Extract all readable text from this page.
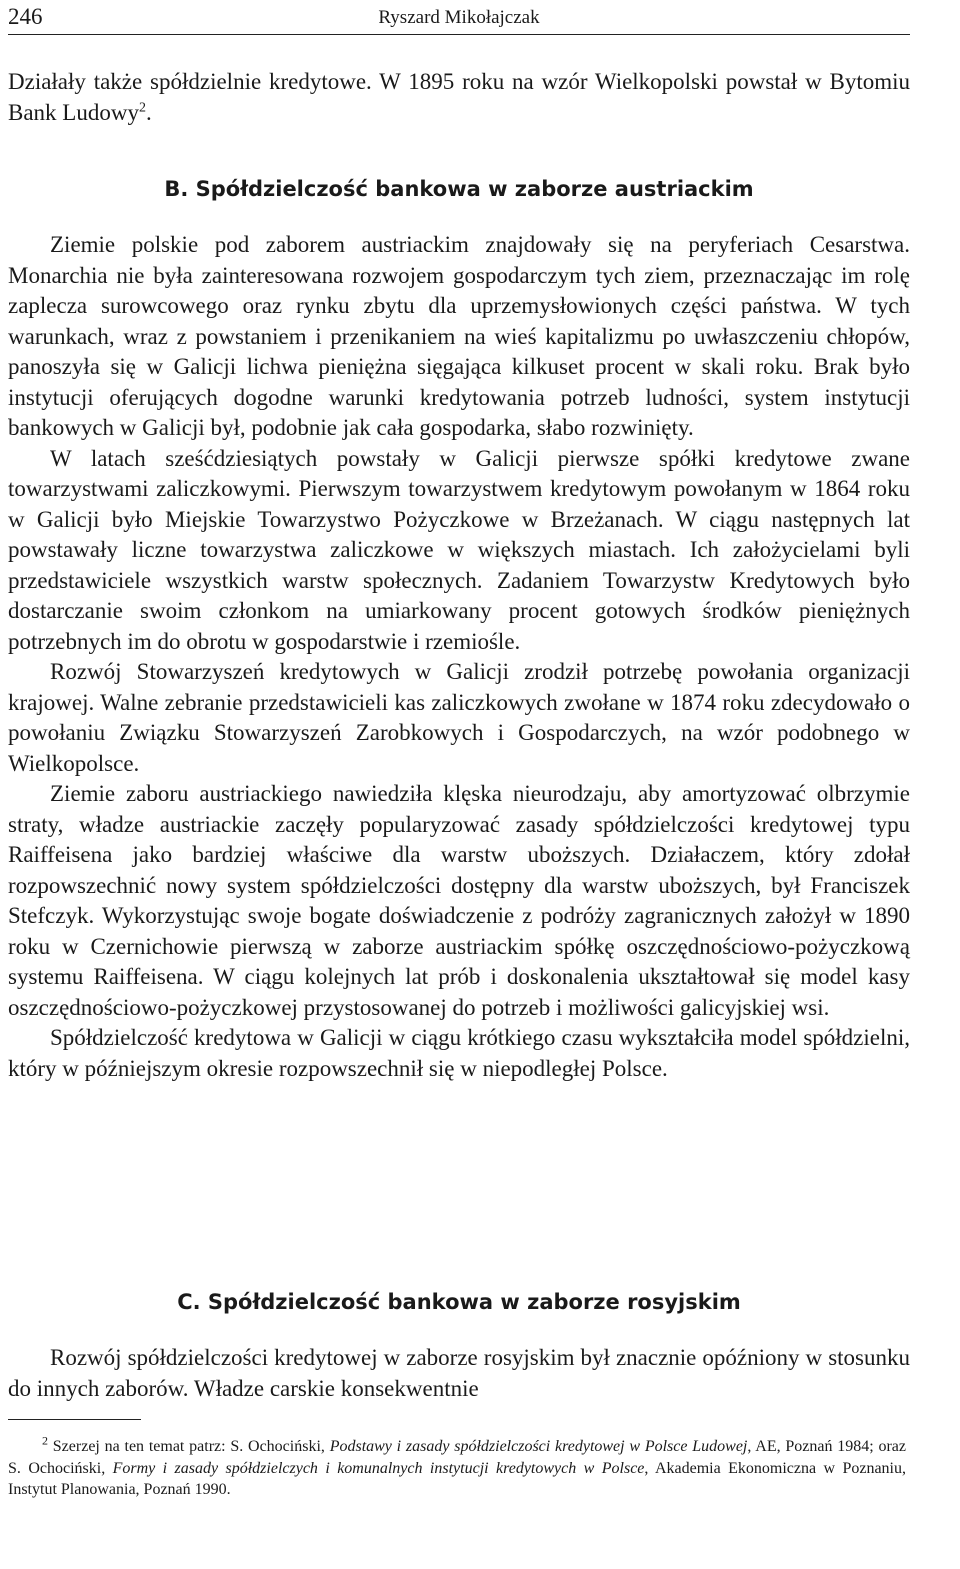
246	Ryszard Mikołajczak

Działały także spółdzielnie kredytowe. W 1895 roku na wzór Wielkopolski powstał w Bytomiu Bank Ludowy$^2$.

B. Spółdzielczość bankowa w zaborze austriackim

Ziemie polskie pod zaborem austriackim znajdowały się na peryferiach Cesarstwa. Monarchia nie była zainteresowana rozwojem gospodarczym tych ziem, przeznaczając im rolę zaplecza surowcowego oraz rynku zbytu dla uprzemysłowionych części państwa. W tych warunkach, wraz z powstaniem i przenikaniem na wieś kapitalizmu po uwłaszczeniu chłopów, panoszyła się w Galicji lichwa pieniężna sięgająca kilkuset procent w skali roku. Brak było instytucji oferujących dogodne warunki kredytowania potrzeb ludności, system instytucji bankowych w Galicji był, podobnie jak cała gospodarka, słabo rozwinięty.

W latach sześćdziesiątych powstały w Galicji pierwsze spółki kredytowe zwane towarzystwami zaliczkowymi. Pierwszym towarzystwem kredytowym powołanym w 1864 roku w Galicji było Miejskie Towarzystwo Pożyczkowe w Brzeżanach. W ciągu następnych lat powstawały liczne towarzystwa zaliczkowe w większych miastach. Ich założycielami byli przedstawiciele wszystkich warstw społecznych. Zadaniem Towarzystw Kredytowych było dostarczanie swoim członkom na umiarkowany procent gotowych środków pieniężnych potrzebnych im do obrotu w gospodarstwie i rzemiośle.

Rozwój Stowarzyszeń kredytowych w Galicji zrodził potrzebę powołania organizacji krajowej. Walne zebranie przedstawicieli kas zaliczkowych zwołane w 1874 roku zdecydowało o powołaniu Związku Stowarzyszeń Zarobkowych i Gospodarczych, na wzór podobnego w Wielkopolsce.

Ziemie zaboru austriackiego nawiedziła klęska nieurodzaju, aby amortyzować olbrzymie straty, władze austriackie zaczęły popularyzować zasady spółdzielczości kredytowej typu Raiffeisena jako bardziej właściwe dla warstw uboższych. Działaczem, który zdołał rozpowszechnić nowy system spółdzielczości dostępny dla warstw uboższych, był Franciszek Stefczyk. Wykorzystując swoje bogate doświadczenie z podróży zagranicznych założył w 1890 roku w Czernichowie pierwszą w zaborze austriackim spółkę oszczędnościowo-pożyczkową systemu Raiffeisena. W ciągu kolejnych lat prób i doskonalenia ukształtował się model kasy oszczędnościowo-pożyczkowej przystosowanej do potrzeb i możliwości galicyjskiej wsi.

Spółdzielczość kredytowa w Galicji w ciągu krótkiego czasu wykształciła model spółdzielni, który w późniejszym okresie rozpowszechnił się w niepodległej Polsce.

C. Spółdzielczość bankowa w zaborze rosyjskim

Rozwój spółdzielczości kredytowej w zaborze rosyjskim był znacznie opóźniony w stosunku do innych zaborów. Władze carskie konsekwentnie

$^2$ Szerzej na ten temat patrz: S. Ochociński, Podstawy i zasady spółdzielczości kredytowej w Polsce Ludowej, AE, Poznań 1984; oraz S. Ochociński, Formy i zasady spółdzielczych i komunalnych instytucji kredytowych w Polsce, Akademia Ekonomiczna w Poznaniu, Instytut Planowania, Poznań 1990.
